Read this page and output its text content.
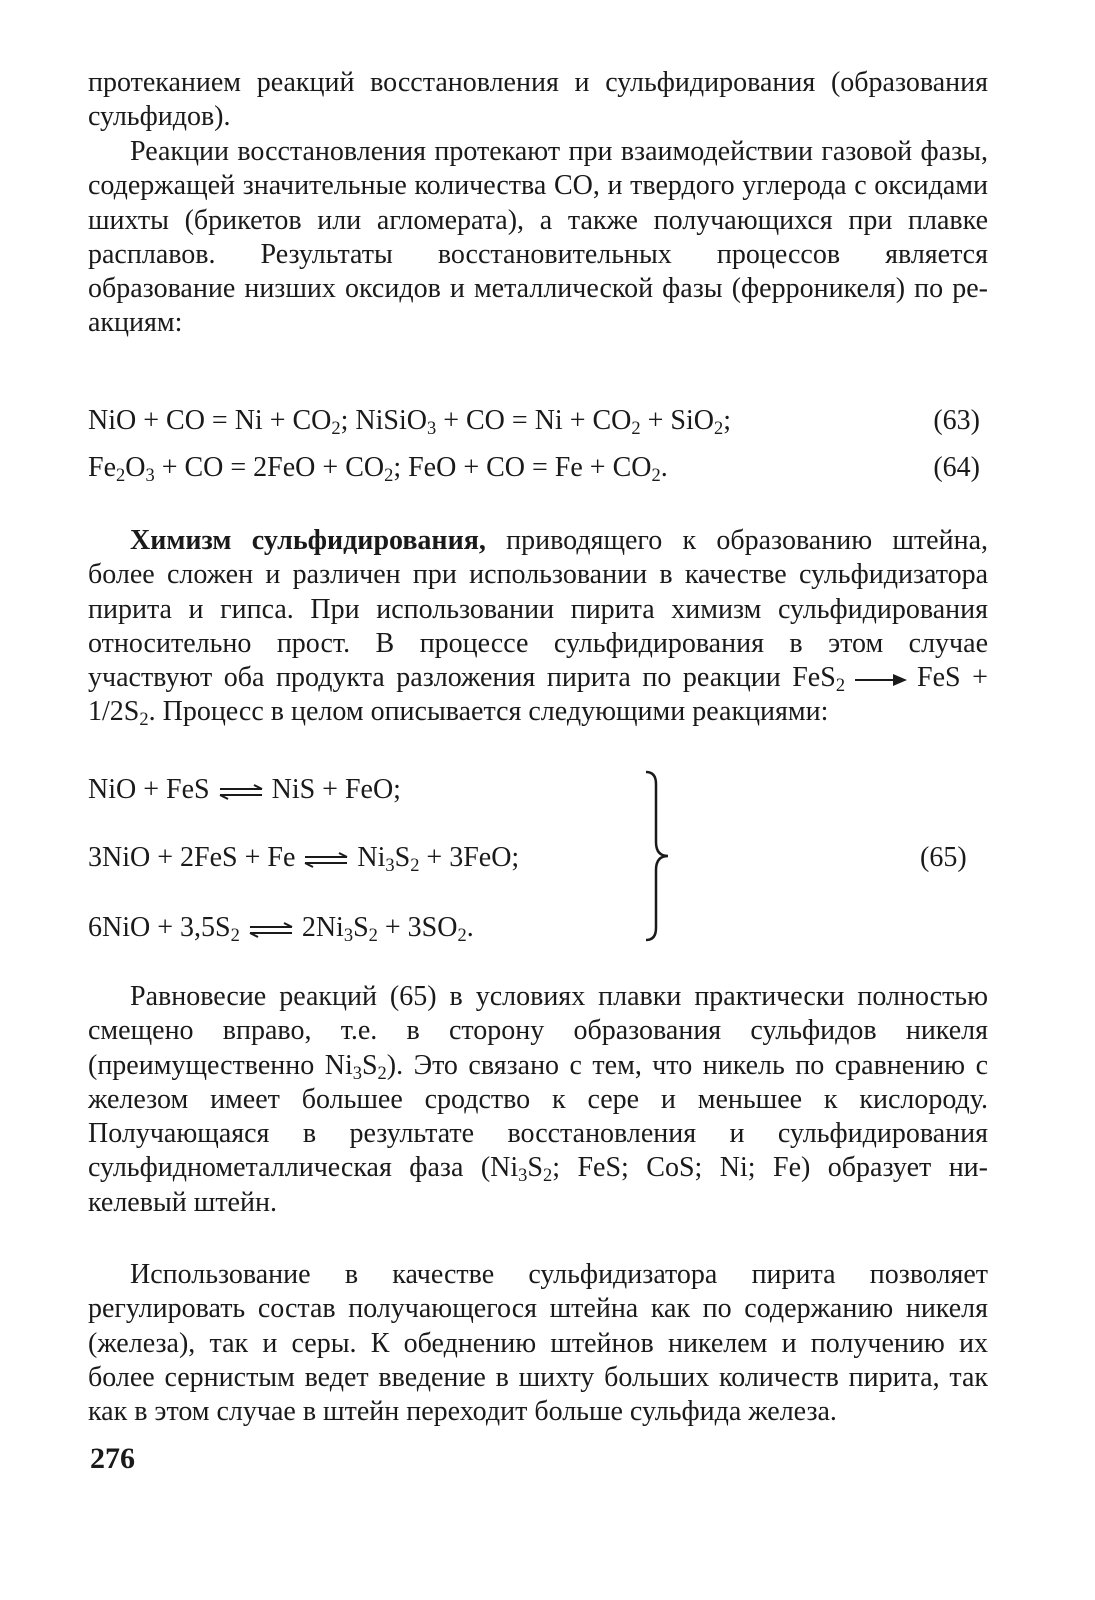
протеканием реакций восстановления и сульфидирования (образования сульфидов).

Реакции восстановления протекают при взаимодействии газовой фазы, содержащей значительные количества СО, и твердого углерода с оксидами шихты (брикетов или агломерата), а также получающихся при плавке расплавов. Результаты восстановительных процессов является образование низших оксидов и металлической фазы (ферроникеля) по реакциям:

NiO + CO = $Ni + CO_2$; NiSiO$_3$ + CO = $Ni + CO_2 + SiO_2$;	(63)
$Fe_2O_3$ + CO = $2FeO + CO_2$; FeO + CO = $Fe + CO_2$.	(64)

Химизм сульфидирования, приводящего к образованию штейна, более сложен и различен при использовании в качестве сульфидизатора пирита и гипса. При использовании пирита химизм сульфидирования относительно прост. В процессе сульфидирования в этом случае участвуют оба продукта разложения пирита по реакции FeS$_2$	FeS + $1/2S_2$. Процесс в целом описывается следующими реакциями:

NiO + FeS ⇌ NiS + FeO;
3NiO + 2FeS + Fe ⇌ $Ni_3S_2 + 3FeO$;
$6NiO + 3,5S_2$ ⇌ $2Ni_3S_2 + 3SO_2$.
(65)

Равновесие реакций (65) в условиях плавки практически полностью смещено вправо, т.е. в сторону образования сульфидов никеля (преимущественно $Ni_3S_2$). Это связано с тем, что никель по сравнению с железом имеет большее сродство к сере и меньшее к кислороду. Получающаяся в результате восстановления и сульфидирования сульфиднометаллическая фаза ($Ni_3S_2$; FeS; CoS; Ni; Fe) образует никелевый штейн.

Использование в качестве сульфидизатора пирита позволяет регулировать состав получающегося штейна как по содержанию никеля (железа), так и серы. К обеднению штейнов никелем и получению их более сернистым ведет введение в шихту больших количеств пирита, так как в этом случае в штейн переходит больше сульфида железа.

276
